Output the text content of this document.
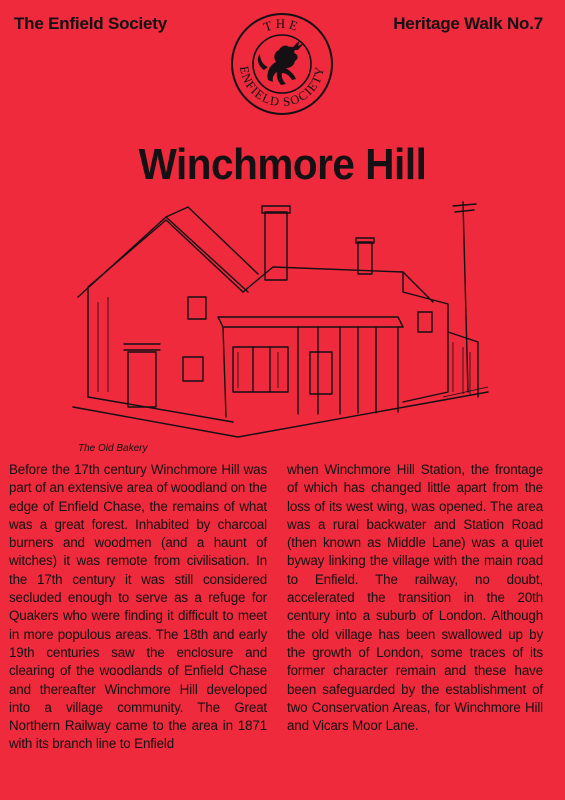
The Enfield Society	Heritage Walk No.7
THE
ENFIELD SOCIETY
Winchmore Hill
The Old Bakery
Before the 17th century Winchmore Hill was part of an extensive area of woodland on the edge of Enfield Chase, the remains of what was a great forest. Inhabited by charcoal burners and woodmen (and a haunt of witches) it was remote from civilisation. In the 17th century it was still considered secluded enough to serve as a refuge for Quakers who were finding it difficult to meet in more populous areas. The 18th and early 19th centuries saw the enclosure and clearing of the woodlands of Enfield Chase and thereafter Winchmore Hill developed into a village community. The Great Northern Railway came to the area in 1871 with its branch line to Enfield
when Winchmore Hill Station, the frontage of which has changed little apart from the loss of its west wing, was opened. The area was a rural backwater and Station Road (then known as Middle Lane) was a quiet byway linking the village with the main road to Enfield. The railway, no doubt, accelerated the transition in the 20th century into a suburb of London. Although the old village has been swallowed up by the growth of London, some traces of its former character remain and these have been safeguarded by the establishment of two Conservation Areas, for Winchmore Hill and Vicars Moor Lane.
